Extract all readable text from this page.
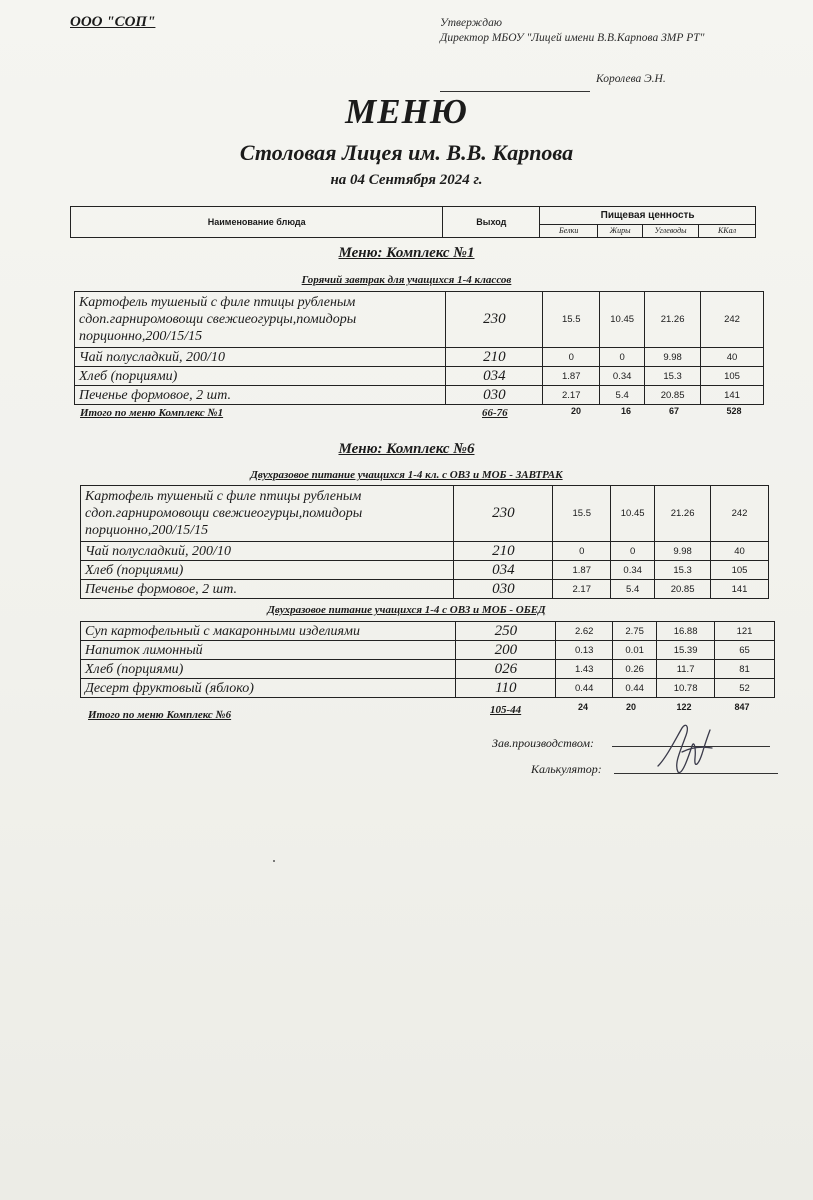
ООО "СОП"	Утверждаю
Директор МБОУ "Лицей имени В.В.Карпова ЗМР РТ"
Королева Э.Н.
МЕНЮ
Столовая Лицея им. В.В. Карпова
на 04 Сентября 2024 г.
Наименование блюда	Выход	Пищевая ценность			
		Белки	Жиры	Углеводы	ККал
Меню: Комплекс №1
Горячий завтрак для учащихся 1-4 классов
Картофель тушеный с филе птицы рубленым сдоп.гарниромовощи свежиеогурцы,помидоры порционно,200/15/15	230	15.5	10.45	21.26	242
Чай полусладкий, 200/10	210	0	0	9.98	40
Хлеб (порциями)	034	1.87	0.34	15.3	105
Печенье формовое, 2 шт.	030	2.17	5.4	20.85	141
Итого по меню Комплекс №1	66-76	20	16	67	528
Меню: Комплекс №6
Двухразовое питание учащихся 1-4 кл. с ОВЗ и МОБ - ЗАВТРАК
Картофель тушеный с филе птицы рубленым сдоп.гарниромовощи свежиеогурцы,помидоры порционно,200/15/15	230	15.5	10.45	21.26	242
Чай полусладкий, 200/10	210	0	0	9.98	40
Хлеб (порциями)	034	1.87	0.34	15.3	105
Печенье формовое, 2 шт.	030	2.17	5.4	20.85	141
Двухразовое питание учащихся 1-4 с ОВЗ и МОБ - ОБЕД
Суп картофельный с макаронными изделиями	250	2.62	2.75	16.88	121
Напиток лимонный	200	0.13	0.01	15.39	65
Хлеб (порциями)	026	1.43	0.26	11.7	81
Десерт фруктовый (яблоко)	110	0.44	0.44	10.78	52
Итого по меню Комплекс №6	105-44	24	20	122	847
Зав.производством:
Калькулятор:
